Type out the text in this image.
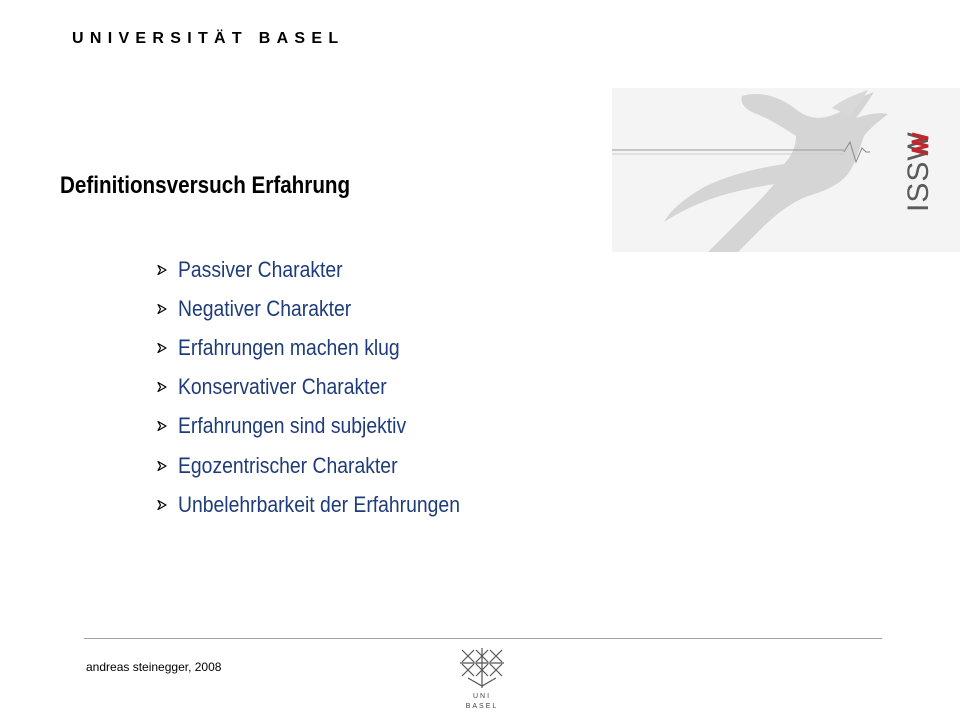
UNIVERSITÄT BASEL
ISSW
Definitionsversuch Erfahrung
Passiver Charakter
Negativer Charakter
Erfahrungen machen klug
Konservativer Charakter
Erfahrungen sind subjektiv
Egozentrischer Charakter
Unbelehrbarkeit der Erfahrungen
andreas steinegger, 2008
UNI
BASEL
